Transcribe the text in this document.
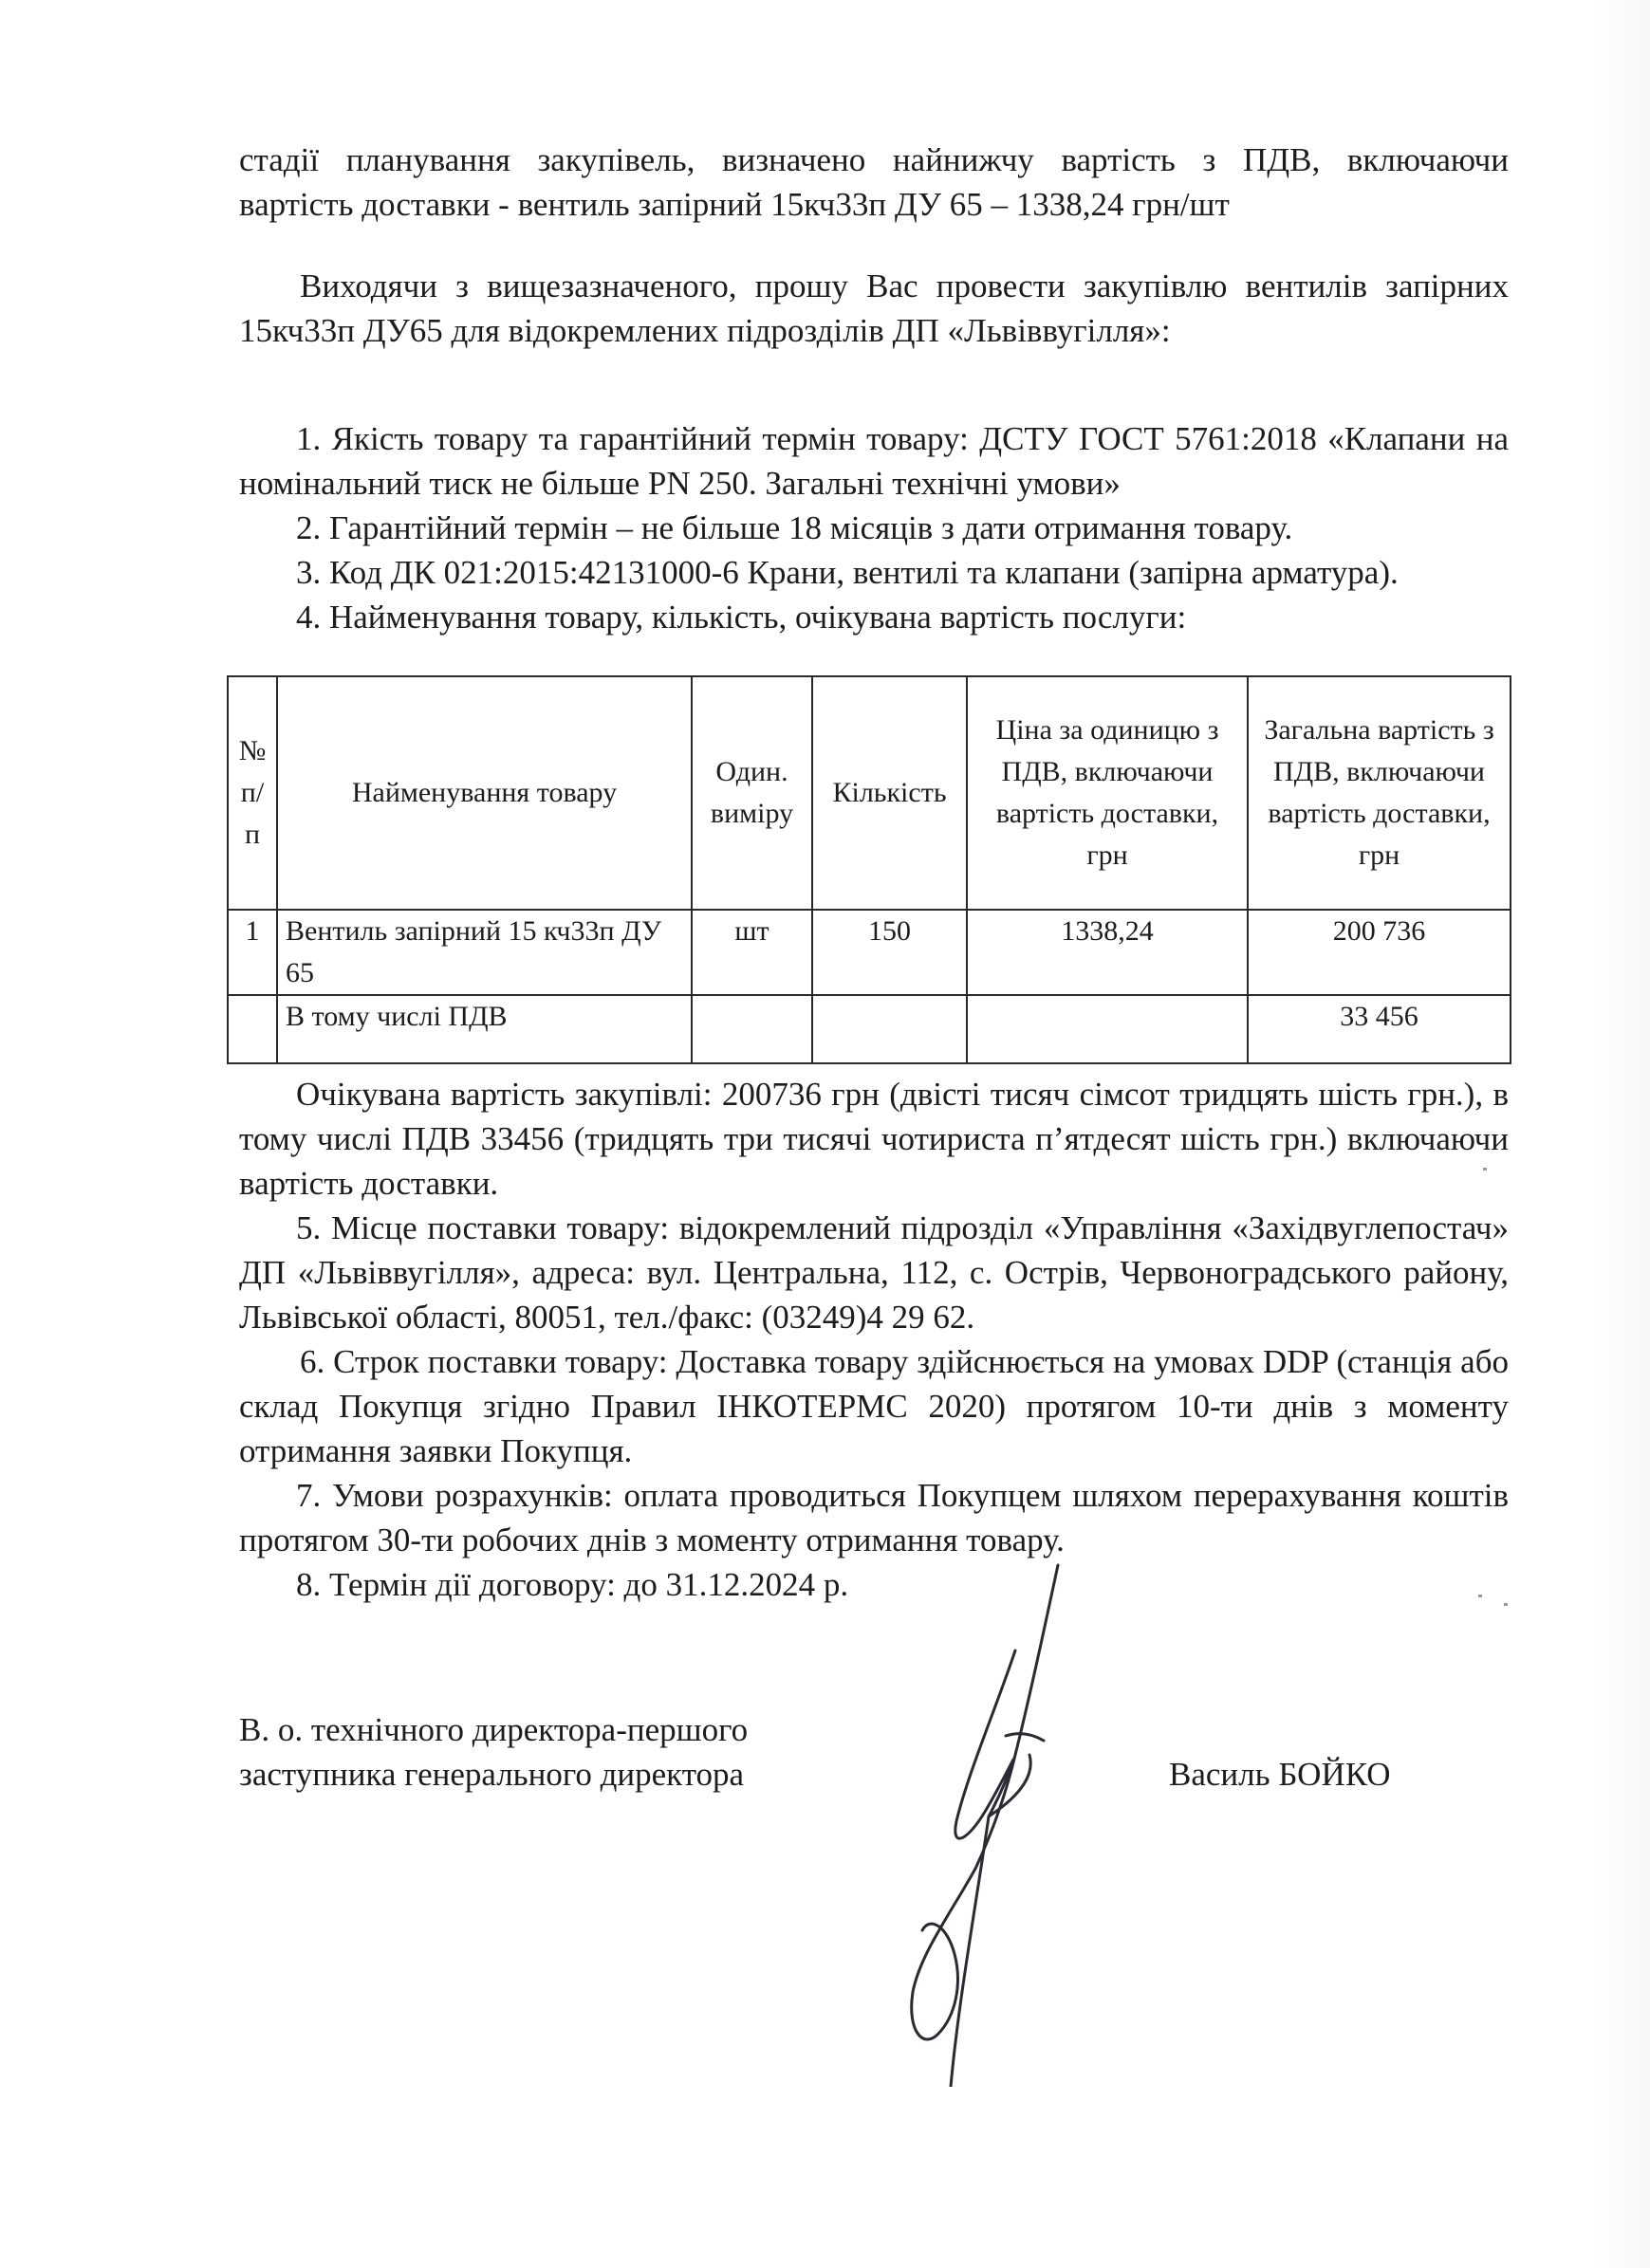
стадії планування закупівель, визначено найнижчу вартість з ПДВ, включаючи

вартість доставки - вентиль запірний 15кч33п ДУ 65 – 1338,24 грн/шт

Виходячи з вищезазначеного, прошу Вас провести закупівлю вентилів запірних 15кч33п ДУ65 для відокремлених підрозділів ДП «Львіввугілля»:

1. Якість товару та гарантійний термін товару: ДСТУ ГОСТ 5761:2018 «Клапани на номінальний тиск не більше PN 250. Загальні технічні умови»

2. Гарантійний термін – не більше 18 місяців з дати отримання товару.

3. Код ДК 021:2015:42131000-6 Крани, вентилі та клапани (запірна арматура).

4. Найменування товару, кількість, очікувана вартість послуги:

№ п/ п	Найменування товару	Один. виміру	Кількість	Ціна за одиницю з ПДВ, включаючи вартість доставки, грн	Загальна вартість з ПДВ, включаючи вартість доставки, грн
1	Вентиль запірний 15 кч33п ДУ 65	шт	150	1338,24	200 736
	В тому числі ПДВ				33 456

Очікувана вартість закупівлі: 200736 грн (двісті тисяч сімсот тридцять шість грн.), в тому числі ПДВ 33456 (тридцять три тисячі чотириста п’ятдесят шість грн.) включаючи вартість доставки.

5. Місце поставки товару: відокремлений підрозділ «Управління «Західвуглепостач» ДП «Львіввугілля», адреса: вул. Центральна, 112, с. Острів, Червоноградського району, Львівської області, 80051, тел./факс: (03249)4 29 62.

6. Строк поставки товару: Доставка товару здійснюється на умовах DDP (станція або склад Покупця згідно Правил ІНКОТЕРМС 2020) протягом 10-ти днів з моменту отримання заявки Покупця.

7. Умови розрахунків: оплата проводиться Покупцем шляхом перерахування коштів протягом 30-ти робочих днів з моменту отримання товару.

8. Термін дії договору: до 31.12.2024 р.

В. о. технічного директора-першого
заступника генерального директора	Василь БОЙКО
